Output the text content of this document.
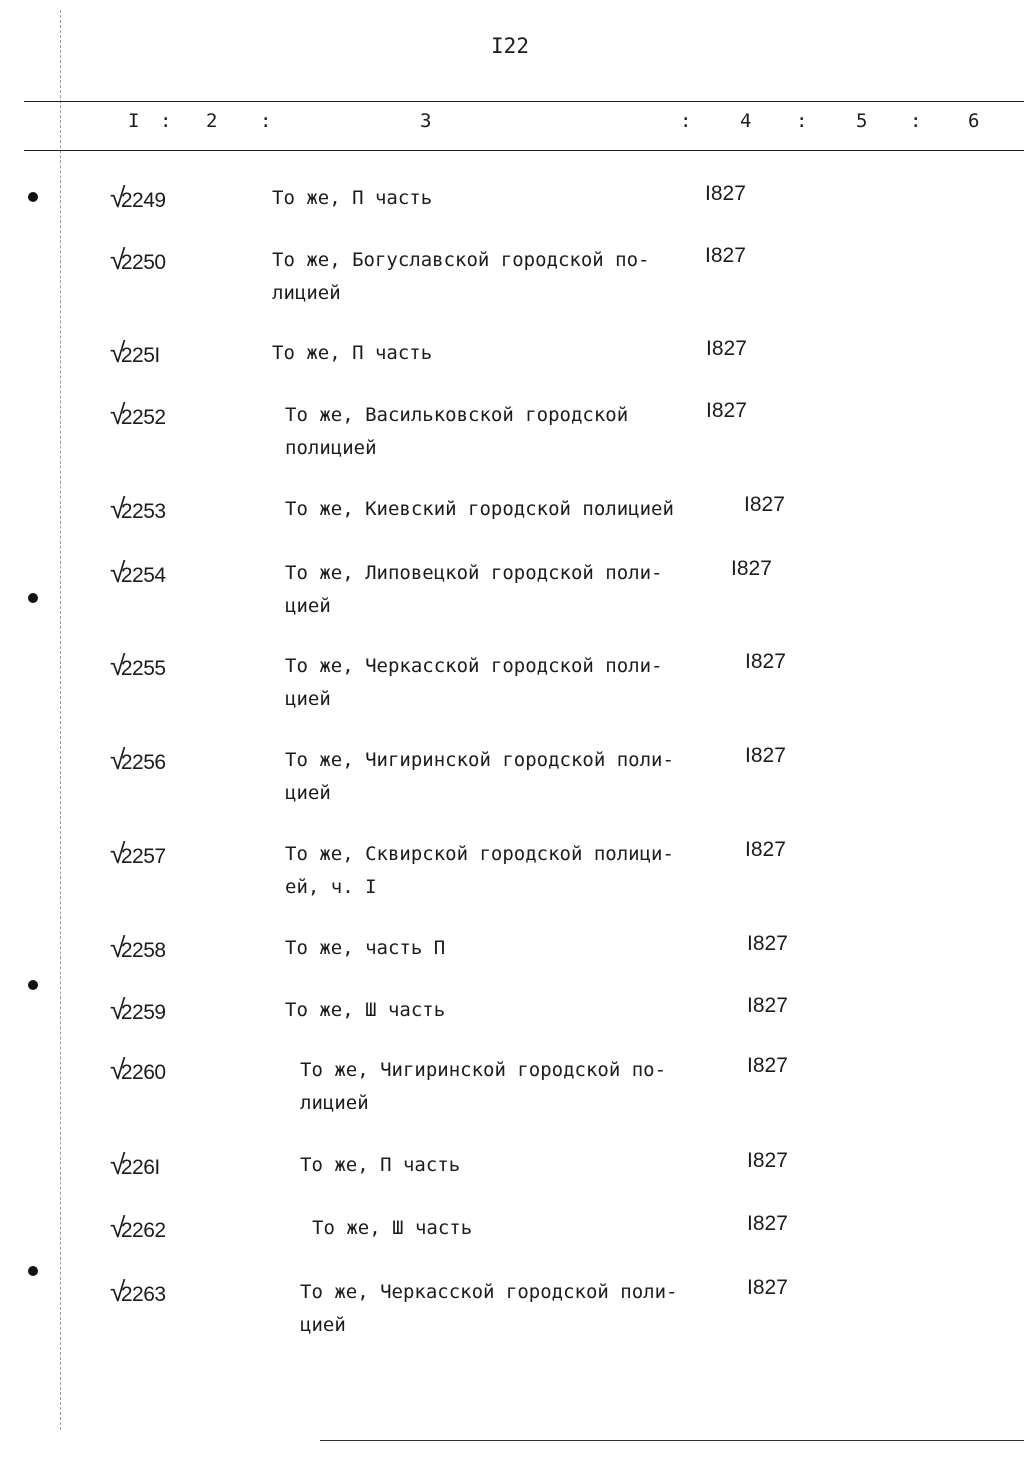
I22
I : 2 :	3	:	4 :	5 : 6
√2249	То же, П часть	I827
√2250	То же, Богуславской городской по-
лицией
I827
√225I	То же, П часть	I827
√2252	То же, Васильковской городской
полицией
I827
√2253	То же, Киевский городской полицией	I827
√2254	То же, Липовецкой городской поли-
цией
I827
√2255	То же, Черкасской городской поли-
цией
I827
√2256	То же, Чигиринской городской поли-
цией
I827
√2257	То же, Сквирской городской полици-
ей, ч. I
I827
√2258	То же, часть П	I827
√2259	То же, Ш часть	I827
√2260	То же, Чигиринской городской по-
лицией
I827
√226I	То же, П часть	I827
√2262	То же, Ш часть	I827
√2263	То же, Черкасской городской поли-
цией
I827
